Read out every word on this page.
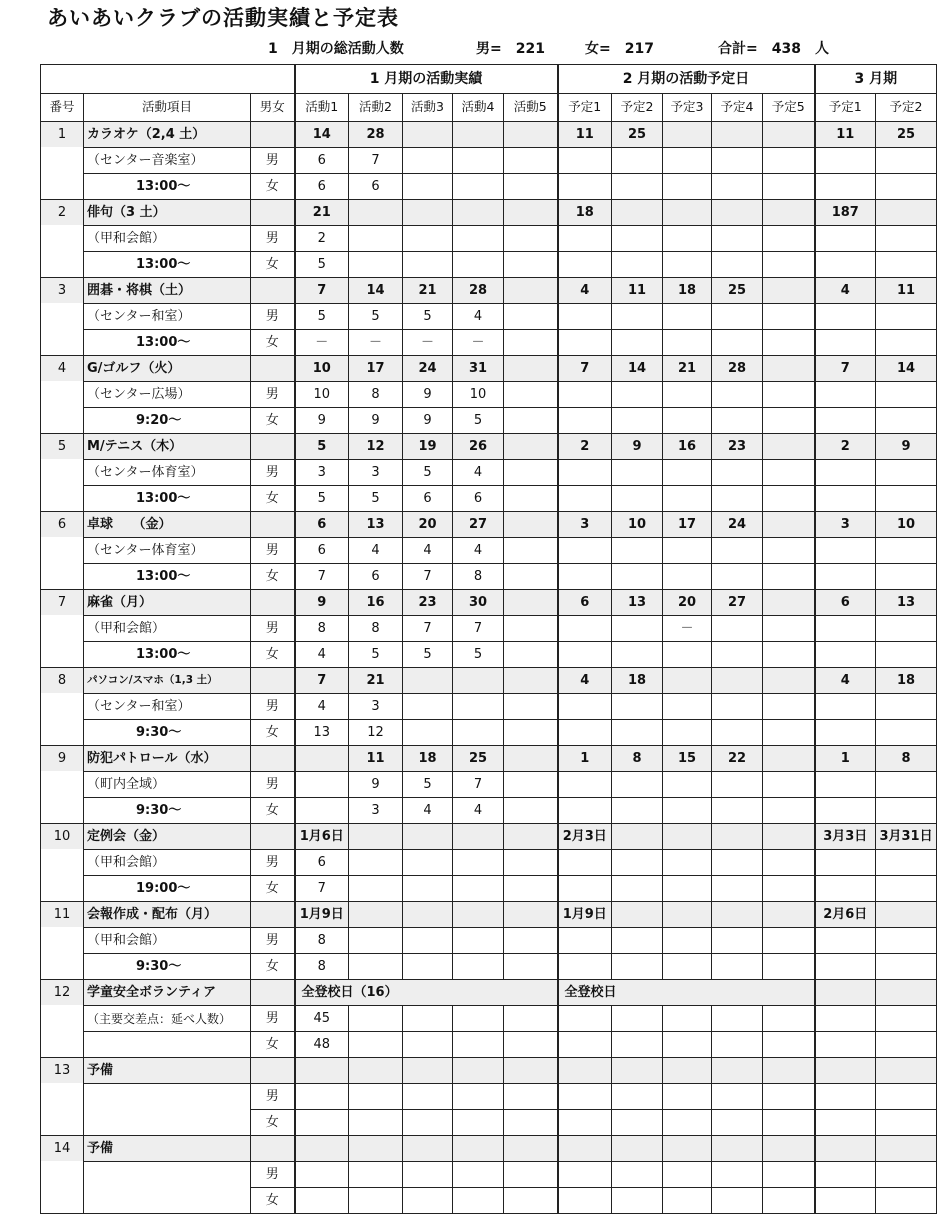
あいあいクラブの活動実績と予定表
1　月期の総活動人数	男=　221	女=　217	合計=　438　人
			1 月期の活動実績					2 月期の活動予定日					3 月期	
番号	活動項目	男女	活動1	活動2	活動3	活動4	活動5	予定1	予定2	予定3	予定4	予定5	予定1	予定2
1	カラオケ（2,4 土）		14	28				11	25				11	25
	（センター音楽室）	男	6	7										
	13:00～	女	6	6										
2	俳句（3 土）		21					18					187	
	（甲和会館）	男	2											
	13:00～	女	5											
3	囲碁・将棋（土）		7	14	21	28		4	11	18	25		4	11
	（センター和室）	男	5	5	5	4								
	13:00～	女	－	－	－	－								
4	G/ゴルフ（火）		10	17	24	31		7	14	21	28		7	14
	（センター広場）	男	10	8	9	10								
	9:20～	女	9	9	9	5								
5	M/テニス（木）		5	12	19	26		2	9	16	23		2	9
	（センター体育室）	男	3	3	5	4								
	13:00～	女	5	5	6	6								
6	卓球　　（金）		6	13	20	27		3	10	17	24		3	10
	（センター体育室）	男	6	4	4	4								
	13:00～	女	7	6	7	8								
7	麻雀（月）		9	16	23	30		6	13	20	27		6	13
	（甲和会館）	男	8	8	7	7				－				
	13:00～	女	4	5	5	5								
8	パソコン/スマホ（1,3 土）		7	21				4	18				4	18
	（センター和室）	男	4	3										
	9:30～	女	13	12										
9	防犯パトロール（水）			11	18	25		1	8	15	22		1	8
	（町内全域）	男		9	5	7								
	9:30～	女		3	4	4								
10	定例会（金）		1月6日					2月3日					3月3日	3月31日
	（甲和会館）	男	6											
	19:00～	女	7											
11	会報作成・配布（月）		1月9日					1月9日					2月6日	
	（甲和会館）	男	8											
	9:30～	女	8											
12	学童安全ボランティア		全登校日（16）					全登校日						
	（主要交差点：延べ人数）	男	45											
		女	48											
13	予備													
		男												
		女												
14	予備													
		男												
		女												
